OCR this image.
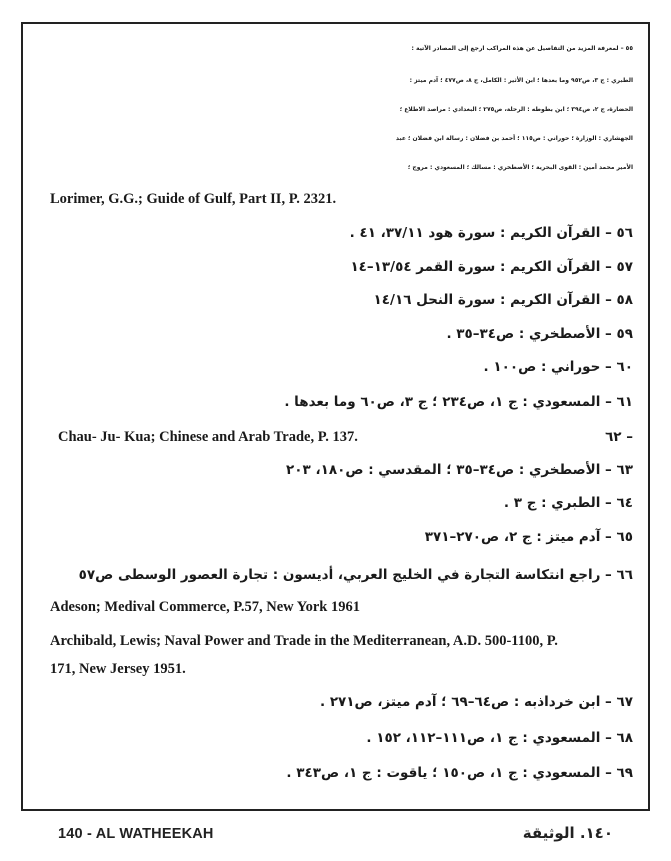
٥٥ – لمعرفة المزيد من التفاصيل عن هذه المراكب ارجع إلى المصادر الآتية :
الطبري : ج ٣، ص٩٥٢ وما بعدها ؛ ابن الأثير : الكامل، ج ٨، ص٤٧٧ ؛ آدم ميتز :
الحضارة، ج ٢، ص٣٩٤ ؛ ابن بطوطه : الرحلة، ص٢٧٥ ؛ البغدادي : مراصد الاطلاع ؛
الجهشاري : الوزارة ؛ حوراني : ص١١٥ ؛ أحمد بن فضلان : رسالة ابن فضلان ؛ عبد
الأمير محمد أمين : القوى البحرية ؛ الأصطخري : مسالك ؛ المسعودي : مروج ؛
Lorimer, G.G.; Guide of Gulf, Part II, P. 2321.
٥٦ – القرآن الكريم : سورة هود ٣٧/١١، ٤١ .
٥٧ – القرآن الكريم : سورة القمر ١٣/٥٤–١٤
٥٨ – القرآن الكريم : سورة النحل ١٤/١٦
٥٩ – الأصطخري : ص٣٤–٣٥ .
٦٠ – حوراني : ص١٠٠ .
٦١ – المسعودي : ج ١، ص٢٣٤ ؛ ج ٣، ص٦٠ وما بعدها .
٦٢ –
Chau- Ju- Kua; Chinese and Arab Trade, P. 137.
٦٣ – الأصطخري : ص٣٤–٣٥ ؛ المقدسي : ص١٨٠، ٢٠٣
٦٤ – الطبري : ج ٣ .
٦٥ – آدم ميتز : ج ٢، ص٢٧٠–٣٧١
٦٦ – راجع انتكاسة التجارة في الخليج العربي، أديسون : تجارة العصور الوسطى ص٥٧
Adeson; Medival Commerce, P.57, New York 1961
Archibald, Lewis; Naval Power and Trade in the Mediterranean, A.D. 500-1100, P.
171, New Jersey 1951.
٦٧ – ابن خرداذبه : ص٦٤–٦٩ ؛ آدم ميتز، ص٢٧١ .
٦٨ – المسعودي : ج ١، ص١١١–١١٢، ١٥٢ .
٦٩ – المسعودي : ج ١، ص١٥٠ ؛ ياقوت : ج ١، ص٣٤٣ .
140 - AL WATHEEKAH	١٤٠. الوثيقة
